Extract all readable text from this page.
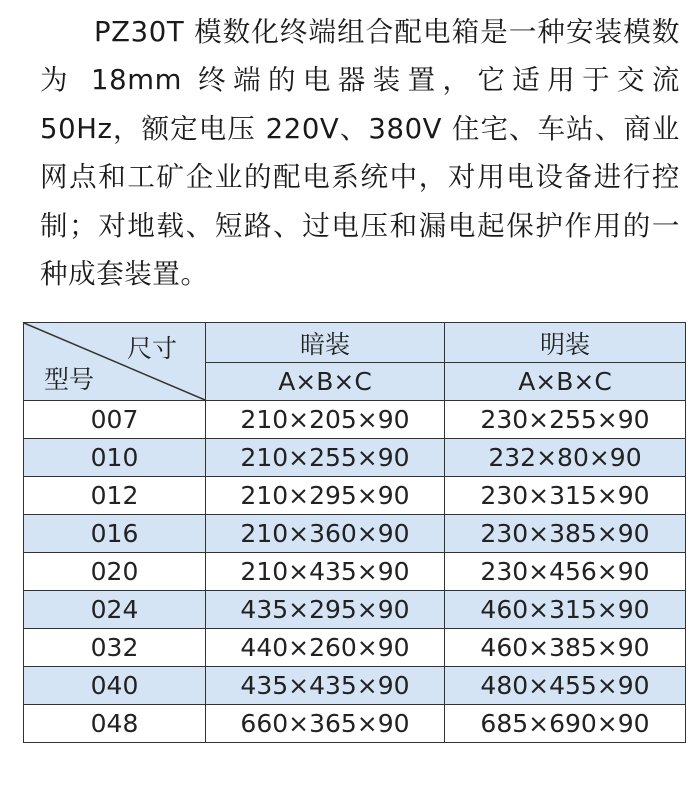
PZ30T 模数化终端组合配电箱是一种安装模数为 18mm 终端的电器装置，它适用于交流 50Hz，额定电压 220V、380V 住宅、车站、商业网点和工矿企业的配电系统中，对用电设备进行控制；对地载、短路、过电压和漏电起保护作用的一种成套装置。

尺寸
型号	暗装	明装
	A×B×C	A×B×C
007	210×205×90	230×255×90
010	210×255×90	232×80×90
012	210×295×90	230×315×90
016	210×360×90	230×385×90
020	210×435×90	230×456×90
024	435×295×90	460×315×90
032	440×260×90	460×385×90
040	435×435×90	480×455×90
048	660×365×90	685×690×90
